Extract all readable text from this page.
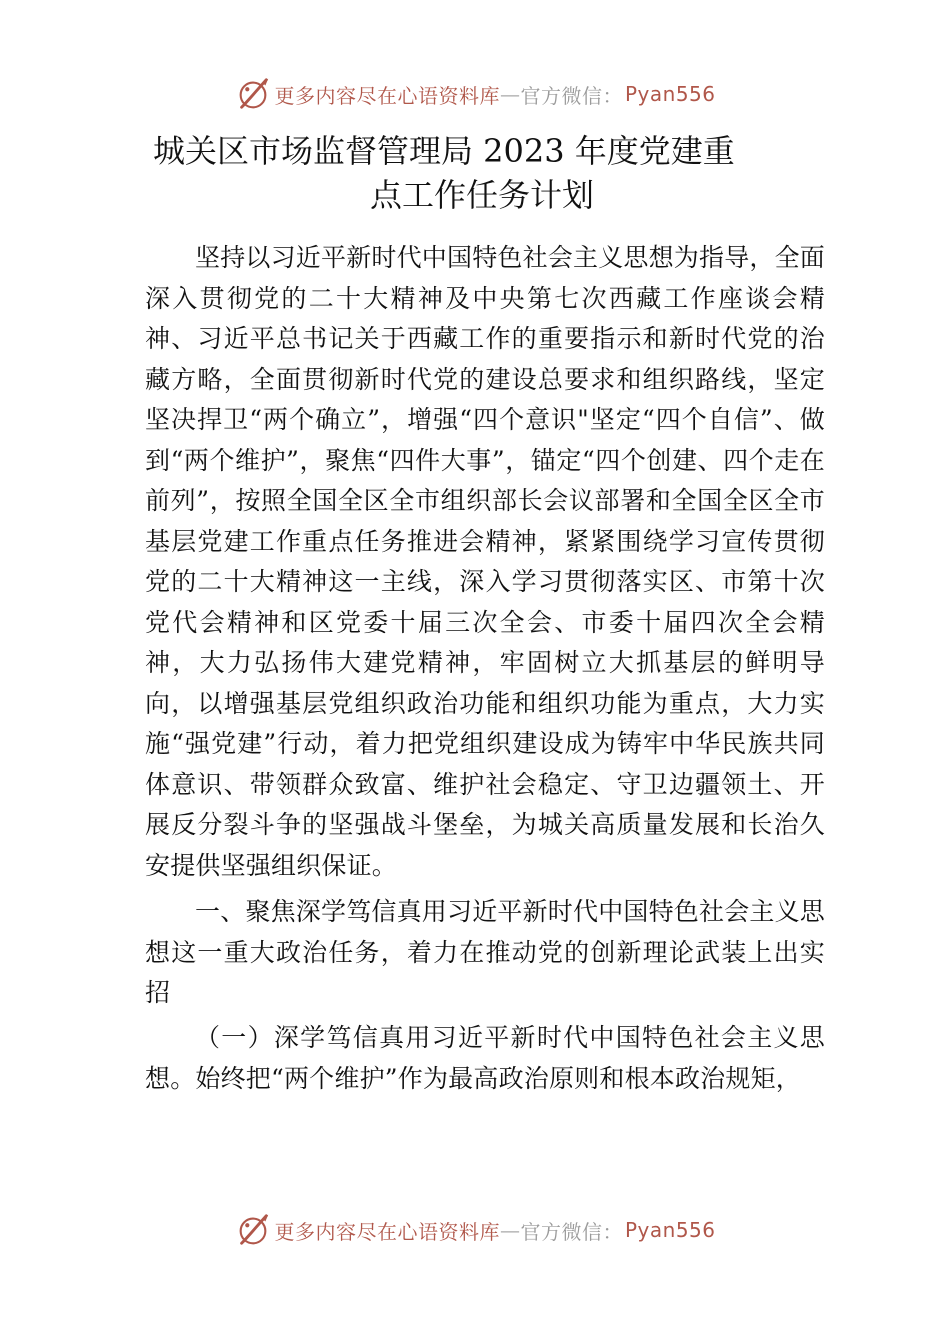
更多内容尽在心语资料库 — 官方微信： Pyan556
城关区市场监督管理局 2023 年度党建重
点工作任务计划

坚持以习近平新时代中国特色社会主义思想为指导，全面深入贯彻党的二十大精神及中央第七次西藏工作座谈会精神、习近平总书记关于西藏工作的重要指示和新时代党的治藏方略，全面贯彻新时代党的建设总要求和组织路线，坚定坚决捍卫“两个确立”，增强“四个意识"坚定“四个自信”、做到“两个维护”，聚焦“四件大事”，锚定“四个创建、四个走在前列”，按照全国全区全市组织部长会议部署和全国全区全市基层党建工作重点任务推进会精神，紧紧围绕学习宣传贯彻党的二十大精神这一主线，深入学习贯彻落实区、市第十次党代会精神和区党委十届三次全会、市委十届四次全会精神，大力弘扬伟大建党精神，牢固树立大抓基层的鲜明导向，以增强基层党组织政治功能和组织功能为重点，大力实施“强党建”行动，着力把党组织建设成为铸牢中华民族共同体意识、带领群众致富、维护社会稳定、守卫边疆领土、开展反分裂斗争的坚强战斗堡垒，为城关高质量发展和长治久安提供坚强组织保证。

一、聚焦深学笃信真用习近平新时代中国特色社会主义思想这一重大政治任务，着力在推动党的创新理论武装上出实招

（一）深学笃信真用习近平新时代中国特色社会主义思想。始终把“两个维护”作为最高政治原则和根本政治规矩，

更多内容尽在心语资料库 — 官方微信： Pyan556
